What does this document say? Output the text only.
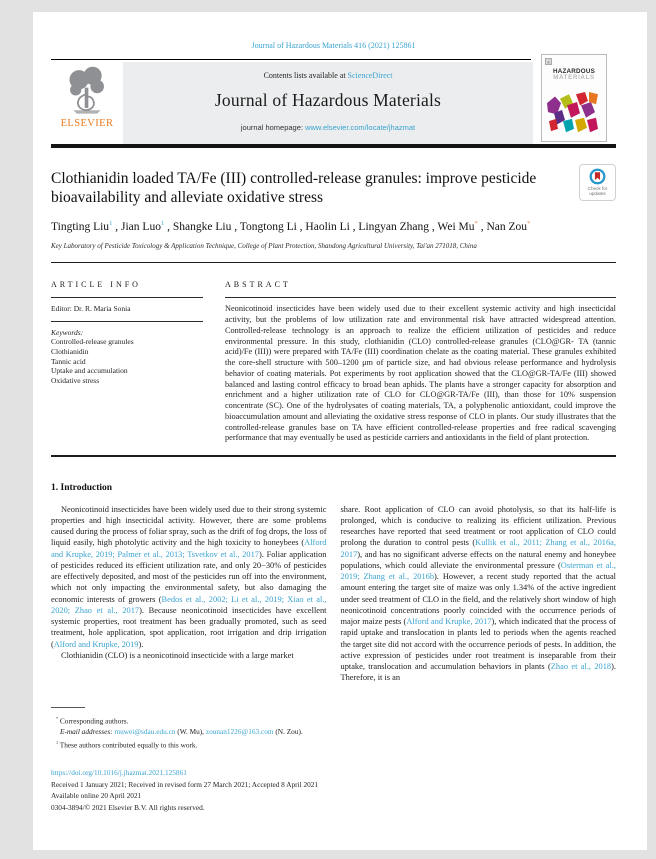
Journal of Hazardous Materials 416 (2021) 125861
ELSEVIER
Contents lists available at ScienceDirect
Journal of Hazardous Materials
journal homepage: www.elsevier.com/locate/jhazmat
✳
HAZARDOUS
MATERIALS
Clothianidin loaded TA/Fe (III) controlled-release granules: improve pesticide bioavailability and alleviate oxidative stress	Check for updates
Tingting Liu$^1$ , Jian Luo$^1$ , Shangke Liu , Tongtong Li , Haolin Li , Lingyan Zhang , Wei Mu* , Nan Zou*
Key Laboratory of Pesticide Toxicology & Application Technique, College of Plant Protection, Shandong Agricultural University, Tai'an 271018, China
ARTICLE INFO
Editor: Dr. R. Maria Sonia
Keywords:
Controlled-release granules
Clothianidin
Tannic acid
Uptake and accumulation
Oxidative stress
ABSTRACT

Neonicotinoid insecticides have been widely used due to their excellent systemic activity and high insecticidal activity, but the problems of low utilization rate and environmental risk have attracted widespread attention. Controlled-release technology is an approach to realize the efficient utilization of pesticides and reduce environmental pressure. In this study, clothianidin (CLO) controlled-release granules (CLO@GR- TA (tannic acid)/Fe (III)) were prepared with TA/Fe (III) coordination chelate as the coating material. These granules exhibited the core-shell structure with 500–1200 μm of particle size, and had obvious release performance and hydrolysis behavior of coating materials. Pot experiments by root application showed that the CLO@GR-TA/Fe (III) showed balanced and lasting control efficacy to broad bean aphids. The plants have a stronger capacity for absorption and enrichment and a higher utilization rate of CLO for CLO@GR-TA/Fe (III), than those for 10% suspension concentrate (SC). One of the hydrolysates of coating materials, TA, a polyphenolic antioxidant, could improve the bioaccumulation amount and alleviating the oxidative stress response of CLO in plants. Our study illustrates that the controlled-release granules base on TA have efficient controlled-release properties and free radical scavenging performance that may eventually be used as pesticide carriers and antioxidants in the field of plant protection.

1. Introduction

Neonicotinoid insecticides have been widely used due to their strong systemic properties and high insecticidal activity. However, there are some problems caused during the process of foliar spray, such as the drift of fog drops, the loss of liquid easily, high photolytic activity and the high toxicity to honeybees (Alford and Krupke, 2019; Palmer et al., 2013; Tsvetkov et al., 2017). Foliar application of pesticides reduced its efficient utilization rate, and only 20−30% of pesticides are effectively deposited, and most of the pesticides run off into the environment, which not only impacting the environmental safety, but also damaging the economic interests of growers (Bedos et al., 2002; Li et al., 2019; Xiao et al., 2020; Zhao et al., 2017). Because neonicotinoid insecticides have excellent systemic properties, root treatment has been gradually promoted, such as seed treatment, hole application, spot application, root irrigation and drip irrigation (Alford and Krupke, 2019).

Clothianidin (CLO) is a neonicotinoid insecticide with a large market

share. Root application of CLO can avoid photolysis, so that its half-life is prolonged, which is conducive to realizing its efficient utilization. Previous researches have reported that seed treatment or root application of CLO could prolong the duration to control pests (Kullik et al., 2011; Zhang et al., 2016a, 2017), and has no significant adverse effects on the natural enemy and honeybee populations, which could alleviate the environmental pressure (Osterman et al., 2019; Zhang et al., 2016b). However, a recent study reported that the actual amount entering the target site of maize was only 1.34% of the active ingredient under seed treatment of CLO in the field, and the relatively short window of high neonicotinoid concentrations poorly coincided with the occurrence periods of major maize pests (Alford and Krupke, 2017), which indicated that the process of rapid uptake and translocation in plants led to periods when the agents reached the target site did not accord with the occurrence periods of pests. In addition, the active expression of pesticides under root treatment is inseparable from their uptake, translocation and accumulation behaviors in plants (Zhao et al., 2018). Therefore, it is an

* Corresponding authors.
E-mail addresses: muwei@sdau.edu.cn (W. Mu), zounan1226@163.com (N. Zou).
$^1$ These authors contributed equally to this work.
https://doi.org/10.1016/j.jhazmat.2021.125861
Received 1 January 2021; Received in revised form 27 March 2021; Accepted 8 April 2021
Available online 20 April 2021
0304-3894/© 2021 Elsevier B.V. All rights reserved.
